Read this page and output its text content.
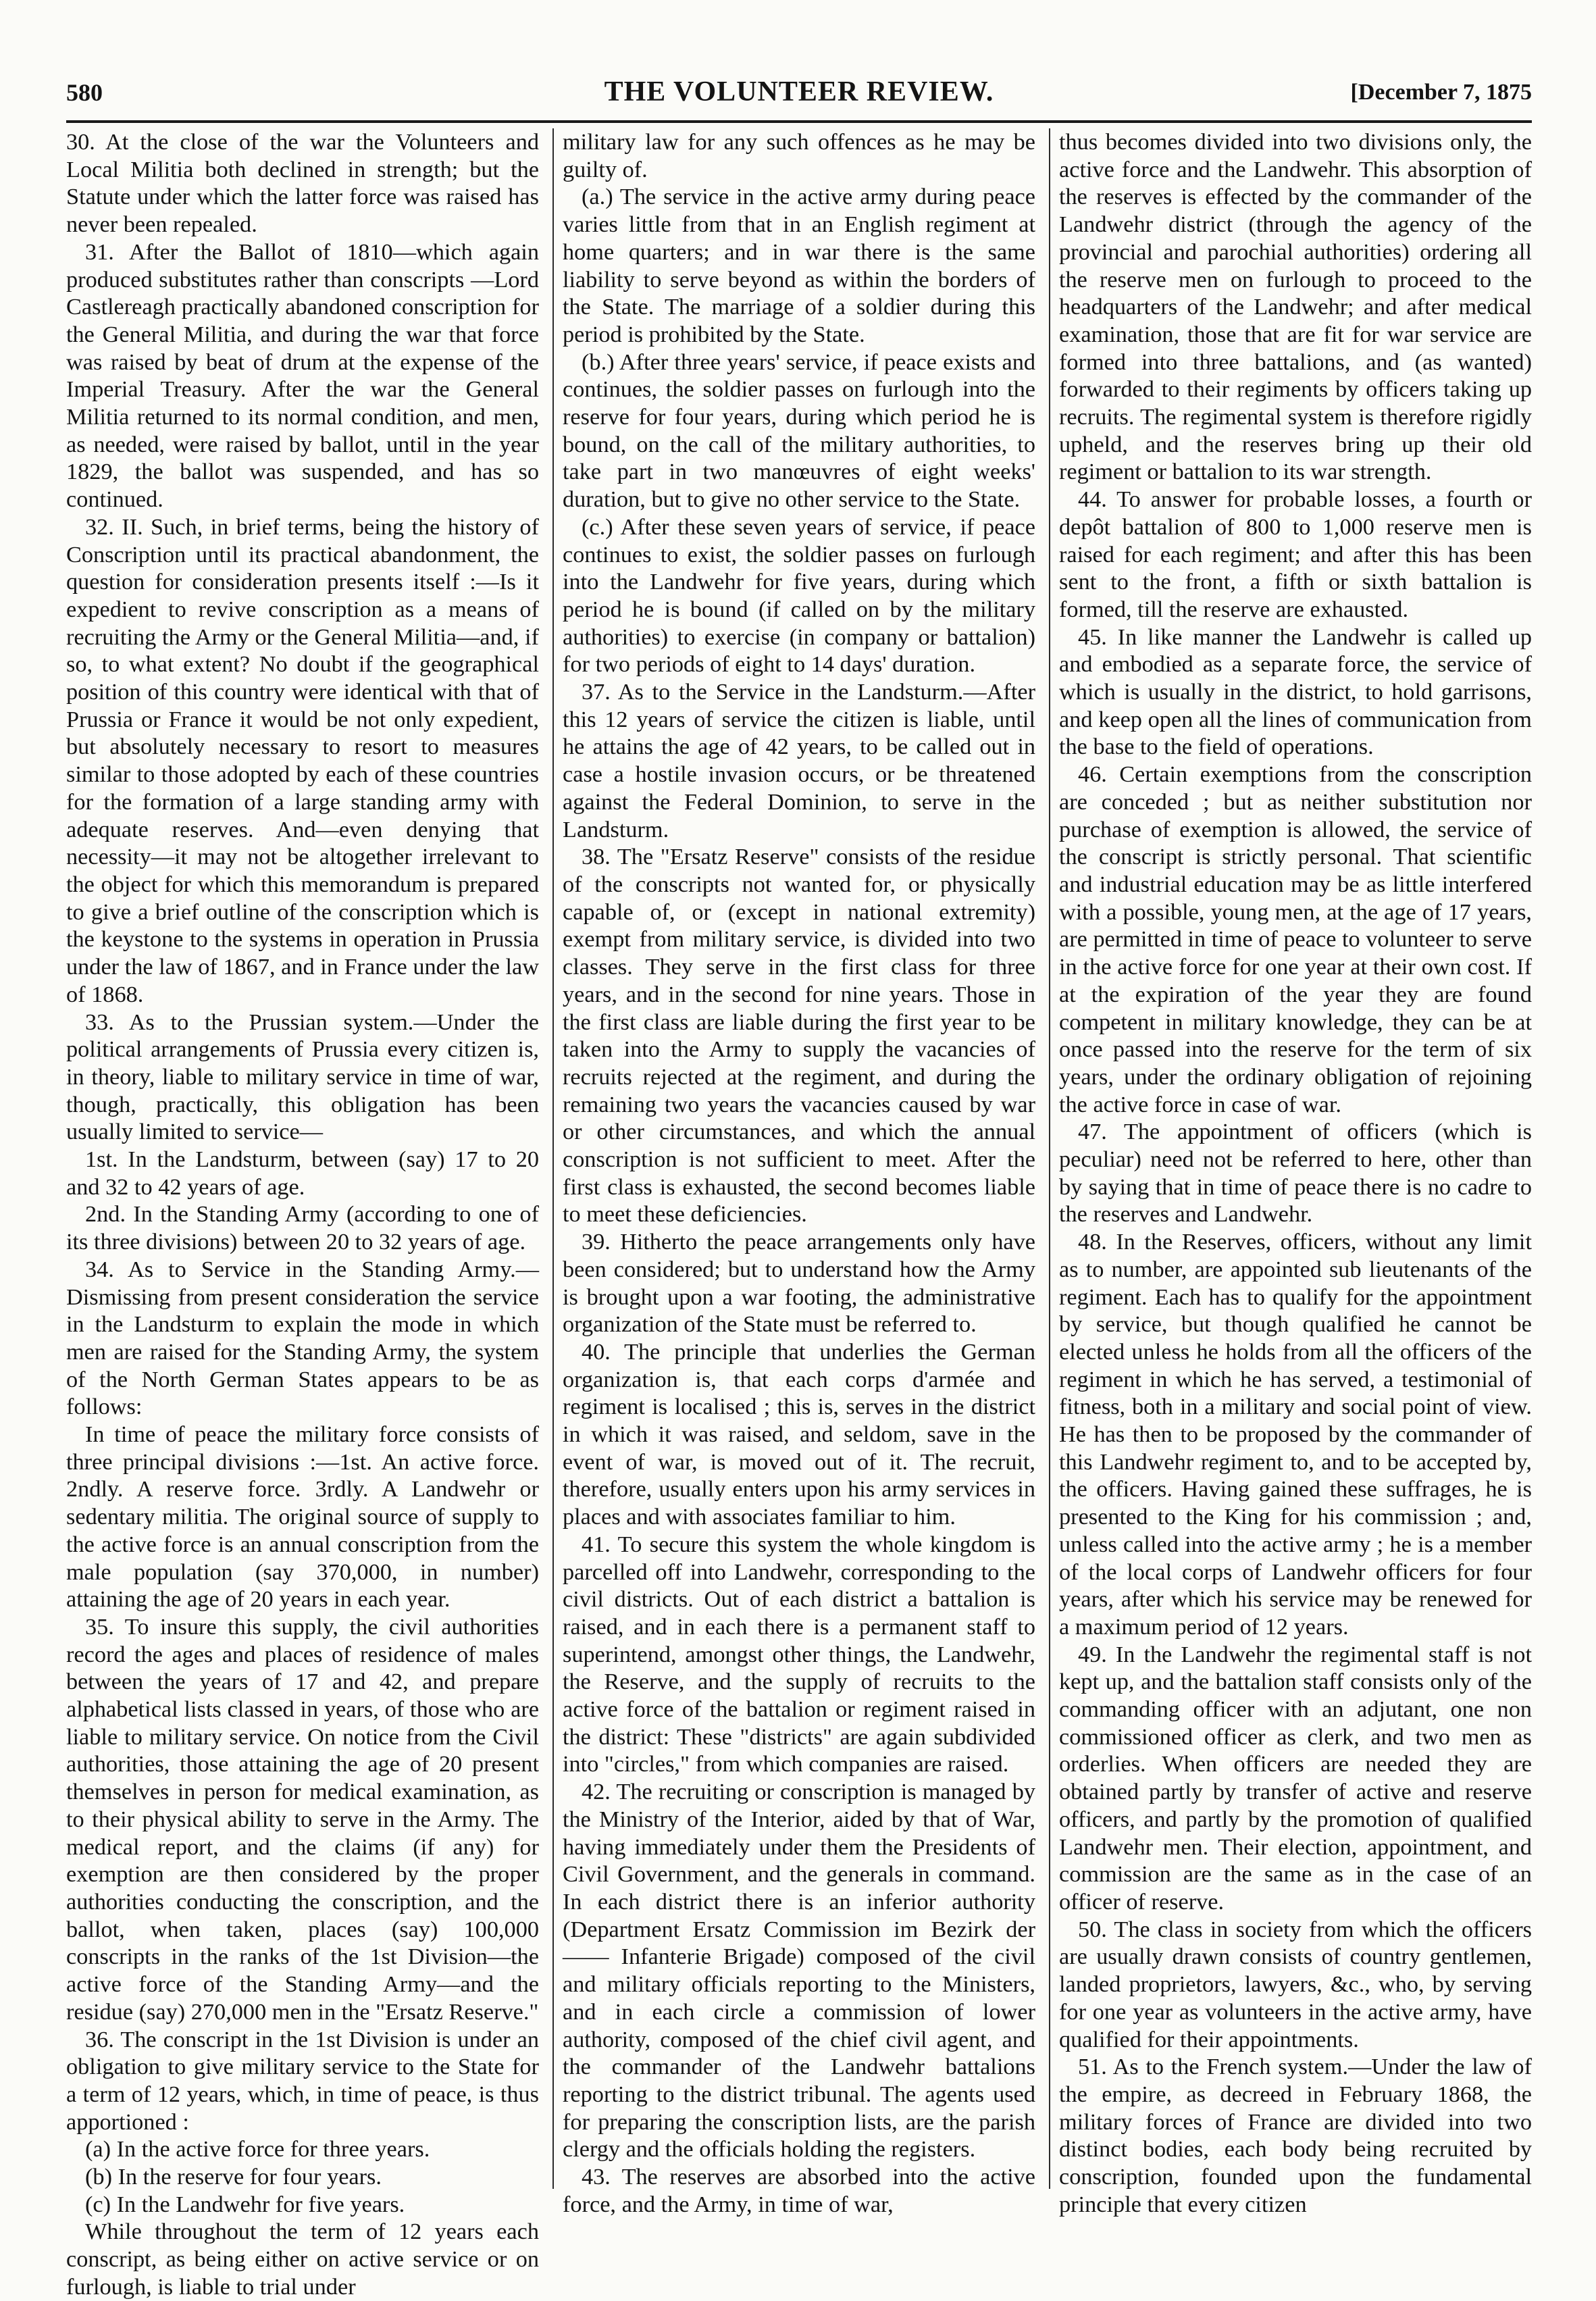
580	THE VOLUNTEER REVIEW.	[December 7, 1875

30. At the close of the war the Volunteers and Local Militia both declined in strength; but the Statute under which the latter force was raised has never been repealed.

31. After the Ballot of 1810—which again produced substitutes rather than conscripts —Lord Castlereagh practically abandoned conscription for the General Militia, and during the war that force was raised by beat of drum at the expense of the Imperial Treasury. After the war the General Militia returned to its normal condition, and men, as needed, were raised by ballot, until in the year 1829, the ballot was suspended, and has so continued.

32. II. Such, in brief terms, being the history of Conscription until its practical abandonment, the question for consideration presents itself :—Is it expedient to revive conscription as a means of recruiting the Army or the General Militia—and, if so, to what extent? No doubt if the geographical position of this country were identical with that of Prussia or France it would be not only expedient, but absolutely necessary to resort to measures similar to those adopted by each of these countries for the formation of a large standing army with adequate reserves. And—even denying that necessity—it may not be altogether irrelevant to the object for which this memorandum is prepared to give a brief outline of the conscription which is the keystone to the systems in operation in Prussia under the law of 1867, and in France under the law of 1868.

33. As to the Prussian system.—Under the political arrangements of Prussia every citizen is, in theory, liable to military service in time of war, though, practically, this obligation has been usually limited to service—

1st. In the Landsturm, between (say) 17 to 20 and 32 to 42 years of age.

2nd. In the Standing Army (according to one of its three divisions) between 20 to 32 years of age.

34. As to Service in the Standing Army.—Dismissing from present consideration the service in the Landsturm to explain the mode in which men are raised for the Standing Army, the system of the North German States appears to be as follows:

In time of peace the military force consists of three principal divisions :—1st. An active force. 2ndly. A reserve force. 3rdly. A Landwehr or sedentary militia. The original source of supply to the active force is an annual conscription from the male population (say 370,000, in number) attaining the age of 20 years in each year.

35. To insure this supply, the civil authorities record the ages and places of residence of males between the years of 17 and 42, and prepare alphabetical lists classed in years, of those who are liable to military service. On notice from the Civil authorities, those attaining the age of 20 present themselves in person for medical examination, as to their physical ability to serve in the Army. The medical report, and the claims (if any) for exemption are then considered by the proper authorities conducting the conscription, and the ballot, when taken, places (say) 100,000 conscripts in the ranks of the 1st Division—the active force of the Standing Army—and the residue (say) 270,000 men in the "Ersatz Reserve."

36. The conscript in the 1st Division is under an obligation to give military service to the State for a term of 12 years, which, in time of peace, is thus apportioned :

(a) In the active force for three years.

(b) In the reserve for four years.

(c) In the Landwehr for five years.

While throughout the term of 12 years each conscript, as being either on active service or on furlough, is liable to trial under

military law for any such offences as he may be guilty of.

(a.) The service in the active army during peace varies little from that in an English regiment at home quarters; and in war there is the same liability to serve beyond as within the borders of the State. The marriage of a soldier during this period is prohibited by the State.

(b.) After three years' service, if peace exists and continues, the soldier passes on furlough into the reserve for four years, during which period he is bound, on the call of the military authorities, to take part in two manœuvres of eight weeks' duration, but to give no other service to the State.

(c.) After these seven years of service, if peace continues to exist, the soldier passes on furlough into the Landwehr for five years, during which period he is bound (if called on by the military authorities) to exercise (in company or battalion) for two periods of eight to 14 days' duration.

37. As to the Service in the Landsturm.—After this 12 years of service the citizen is liable, until he attains the age of 42 years, to be called out in case a hostile invasion occurs, or be threatened against the Federal Dominion, to serve in the Landsturm.

38. The "Ersatz Reserve" consists of the residue of the conscripts not wanted for, or physically capable of, or (except in national extremity) exempt from military service, is divided into two classes. They serve in the first class for three years, and in the second for nine years. Those in the first class are liable during the first year to be taken into the Army to supply the vacancies of recruits rejected at the regiment, and during the remaining two years the vacancies caused by war or other circumstances, and which the annual conscription is not sufficient to meet. After the first class is exhausted, the second becomes liable to meet these deficiencies.

39. Hitherto the peace arrangements only have been considered; but to understand how the Army is brought upon a war footing, the administrative organization of the State must be referred to.

40. The principle that underlies the German organization is, that each corps d'armée and regiment is localised ; this is, serves in the district in which it was raised, and seldom, save in the event of war, is moved out of it. The recruit, therefore, usually enters upon his army services in places and with associates familiar to him.

41. To secure this system the whole kingdom is parcelled off into Landwehr, corresponding to the civil districts. Out of each district a battalion is raised, and in each there is a permanent staff to superintend, amongst other things, the Landwehr, the Reserve, and the supply of recruits to the active force of the battalion or regiment raised in the district: These "districts" are again subdivided into "circles," from which companies are raised.

42. The recruiting or conscription is managed by the Ministry of the Interior, aided by that of War, having immediately under them the Presidents of Civil Government, and the generals in command. In each district there is an inferior authority (Department Ersatz Commission im Bezirk der—— Infanterie Brigade) composed of the civil and military officials reporting to the Ministers, and in each circle a commission of lower authority, composed of the chief civil agent, and the commander of the Landwehr battalions reporting to the district tribunal. The agents used for preparing the conscription lists, are the parish clergy and the officials holding the registers.

43. The reserves are absorbed into the active force, and the Army, in time of war,

thus becomes divided into two divisions only, the active force and the Landwehr. This absorption of the reserves is effected by the commander of the Landwehr district (through the agency of the provincial and parochial authorities) ordering all the reserve men on furlough to proceed to the headquarters of the Landwehr; and after medical examination, those that are fit for war service are formed into three battalions, and (as wanted) forwarded to their regiments by officers taking up recruits. The regimental system is therefore rigidly upheld, and the reserves bring up their old regiment or battalion to its war strength.

44. To answer for probable losses, a fourth or depôt battalion of 800 to 1,000 reserve men is raised for each regiment; and after this has been sent to the front, a fifth or sixth battalion is formed, till the reserve are exhausted.

45. In like manner the Landwehr is called up and embodied as a separate force, the service of which is usually in the district, to hold garrisons, and keep open all the lines of communication from the base to the field of operations.

46. Certain exemptions from the conscription are conceded ; but as neither substitution nor purchase of exemption is allowed, the service of the conscript is strictly personal. That scientific and industrial education may be as little interfered with a possible, young men, at the age of 17 years, are permitted in time of peace to volunteer to serve in the active force for one year at their own cost. If at the expiration of the year they are found competent in military knowledge, they can be at once passed into the reserve for the term of six years, under the ordinary obligation of rejoining the active force in case of war.

47. The appointment of officers (which is peculiar) need not be referred to here, other than by saying that in time of peace there is no cadre to the reserves and Landwehr.

48. In the Reserves, officers, without any limit as to number, are appointed sub lieutenants of the regiment. Each has to qualify for the appointment by service, but though qualified he cannot be elected unless he holds from all the officers of the regiment in which he has served, a testimonial of fitness, both in a military and social point of view. He has then to be proposed by the commander of this Landwehr regiment to, and to be accepted by, the officers. Having gained these suffrages, he is presented to the King for his commission ; and, unless called into the active army ; he is a member of the local corps of Landwehr officers for four years, after which his service may be renewed for a maximum period of 12 years.

49. In the Landwehr the regimental staff is not kept up, and the battalion staff consists only of the commanding officer with an adjutant, one non commissioned officer as clerk, and two men as orderlies. When officers are needed they are obtained partly by transfer of active and reserve officers, and partly by the promotion of qualified Landwehr men. Their election, appointment, and commission are the same as in the case of an officer of reserve.

50. The class in society from which the officers are usually drawn consists of country gentlemen, landed proprietors, lawyers, &c., who, by serving for one year as volunteers in the active army, have qualified for their appointments.

51. As to the French system.—Under the law of the empire, as decreed in February 1868, the military forces of France are divided into two distinct bodies, each body being recruited by conscription, founded upon the fundamental principle that every citizen
